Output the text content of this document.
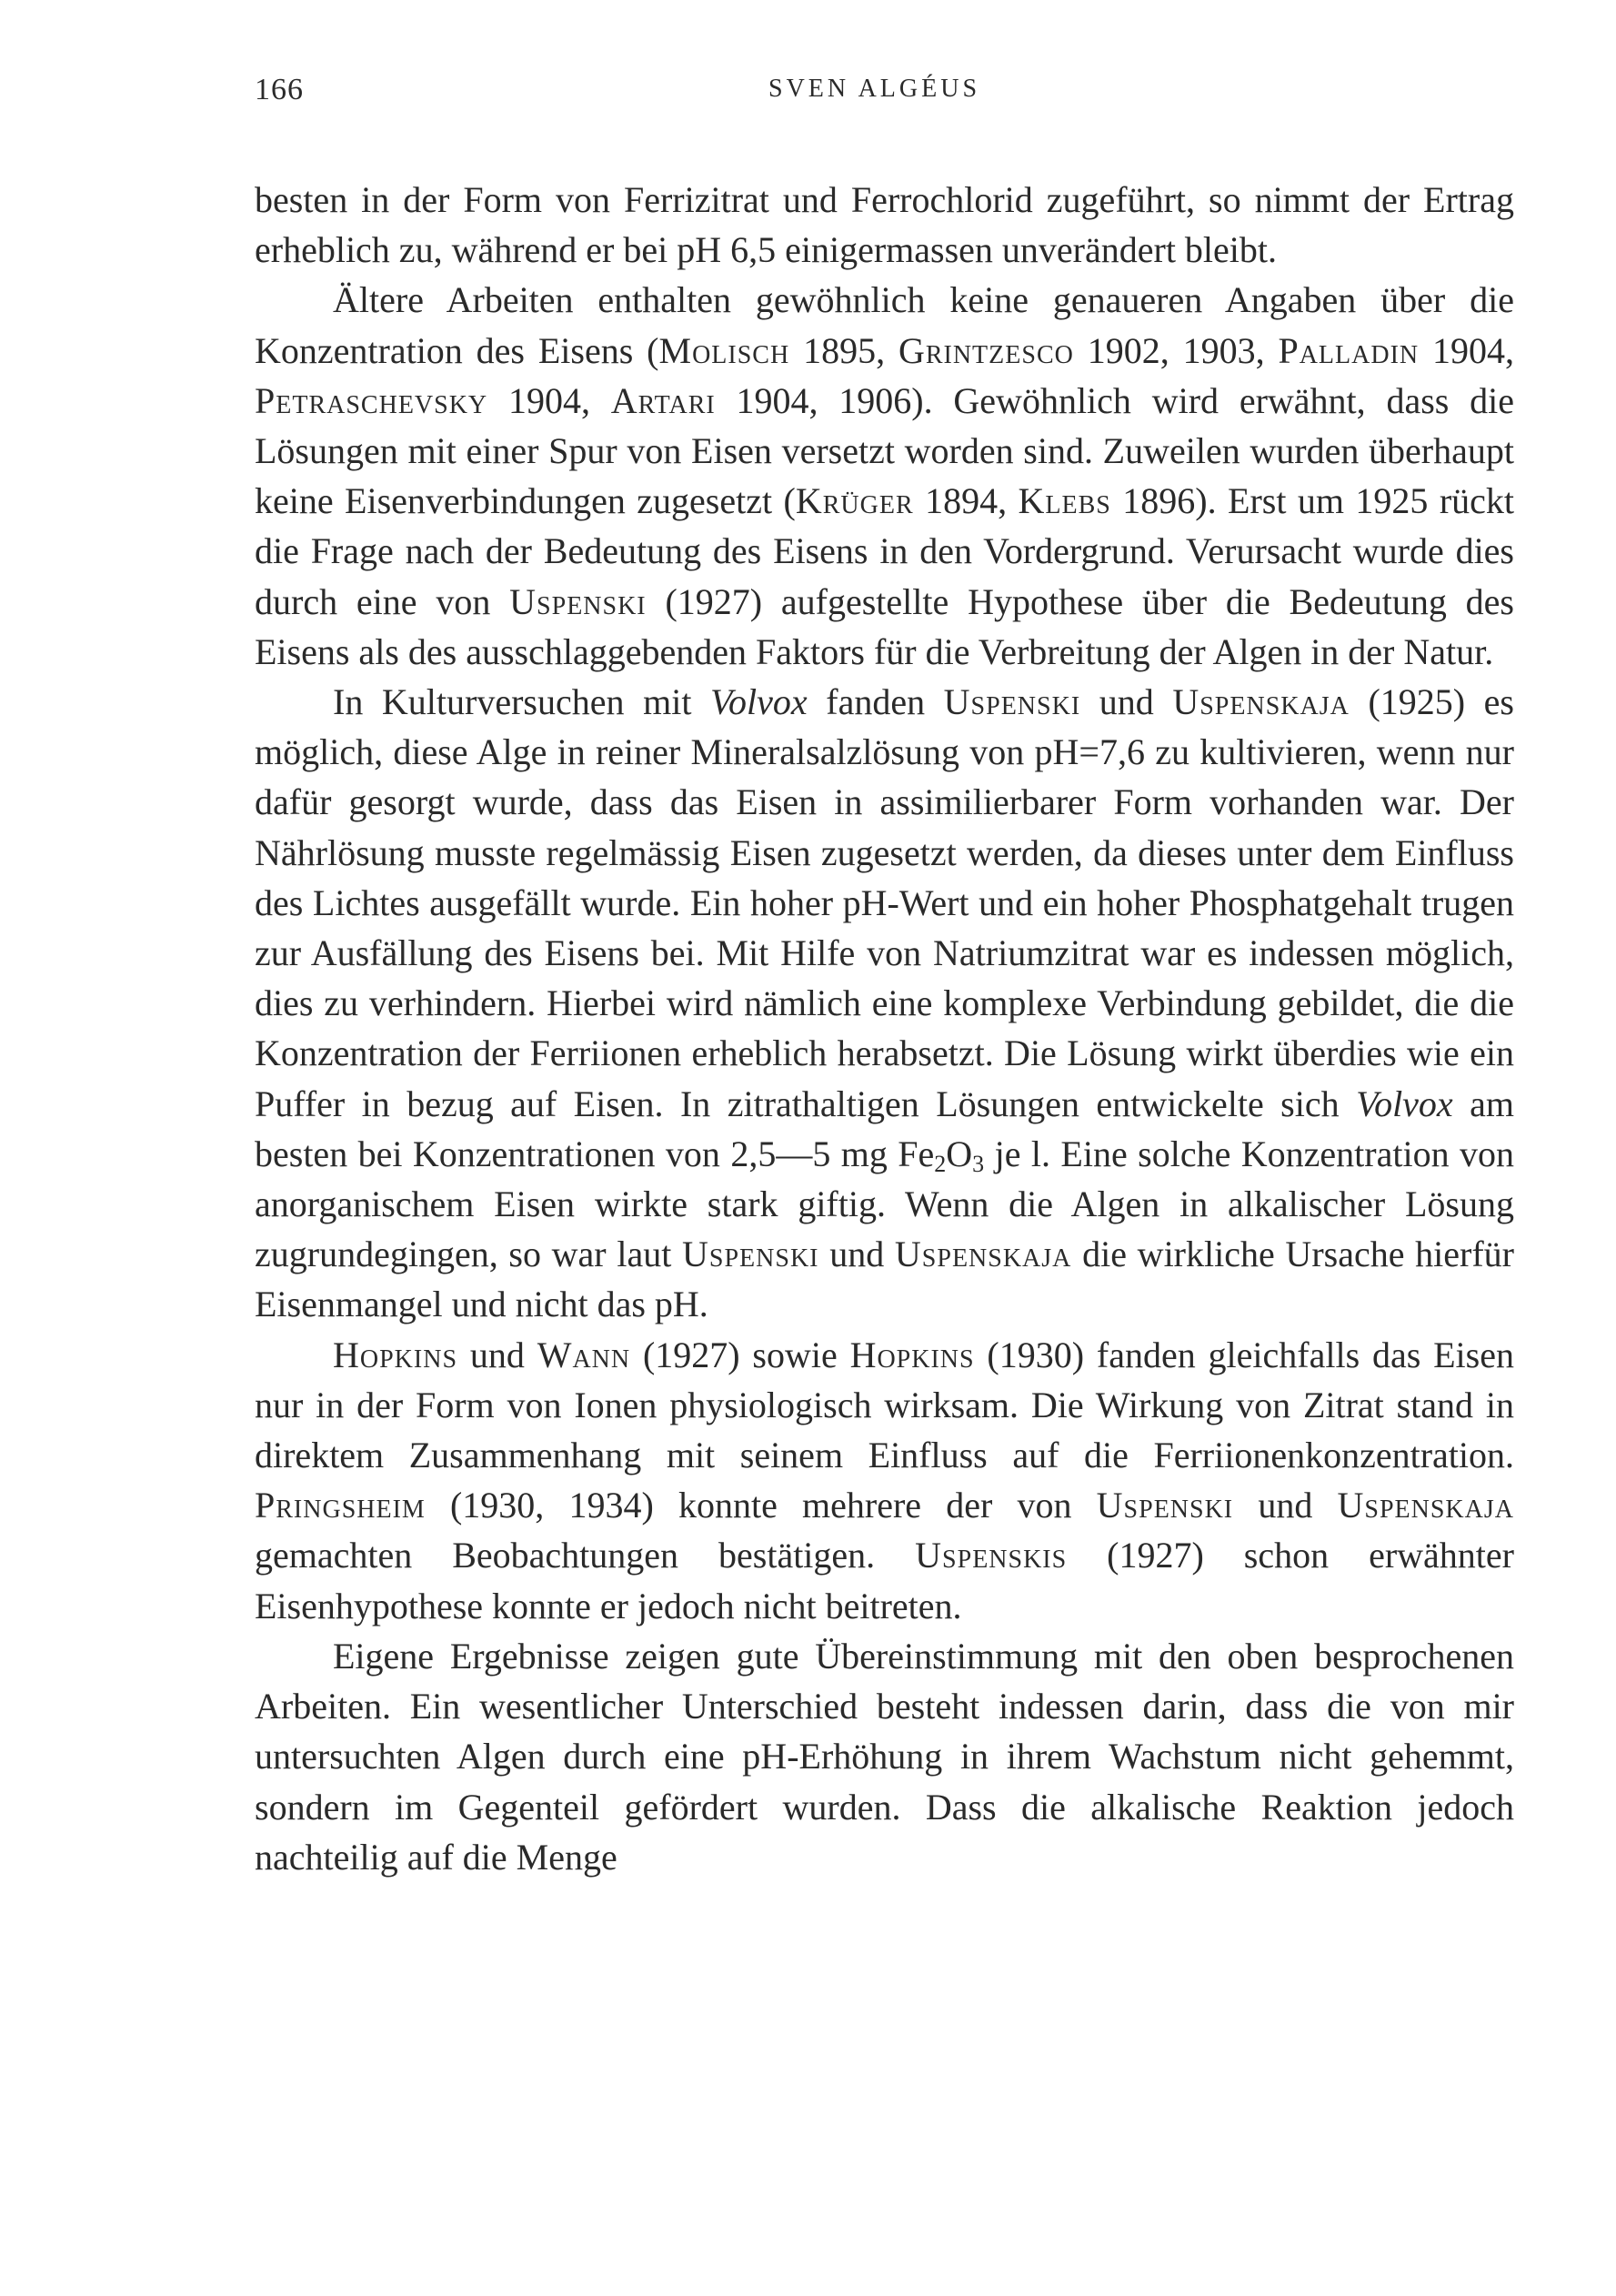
166	SVEN ALGÉUS

besten in der Form von Ferrizitrat und Ferrochlorid zugeführt, so nimmt der Ertrag erheblich zu, während er bei pH 6,5 einigermassen unverändert bleibt.

Ältere Arbeiten enthalten gewöhnlich keine genaueren Angaben über die Konzentration des Eisens (Molisch 1895, Grintzesco 1902, 1903, Palladin 1904, Petraschevsky 1904, Artari 1904, 1906). Gewöhnlich wird erwähnt, dass die Lösungen mit einer Spur von Eisen versetzt worden sind. Zuweilen wurden überhaupt keine Eisenverbindungen zugesetzt (Krüger 1894, Klebs 1896). Erst um 1925 rückt die Frage nach der Bedeutung des Eisens in den Vordergrund. Verursacht wurde dies durch eine von Uspenski (1927) aufgestellte Hypothese über die Bedeutung des Eisens als des ausschlaggebenden Faktors für die Verbreitung der Algen in der Natur.

In Kulturversuchen mit Volvox fanden Uspenski und Uspenskaja (1925) es möglich, diese Alge in reiner Mineralsalzlösung von pH=7,6 zu kultivieren, wenn nur dafür gesorgt wurde, dass das Eisen in assimilierbarer Form vorhanden war. Der Nährlösung musste regelmässig Eisen zugesetzt werden, da dieses unter dem Einfluss des Lichtes ausgefällt wurde. Ein hoher pH-Wert und ein hoher Phosphatgehalt trugen zur Ausfällung des Eisens bei. Mit Hilfe von Natriumzitrat war es indessen möglich, dies zu verhindern. Hierbei wird nämlich eine komplexe Verbindung gebildet, die die Konzentration der Ferriionen erheblich herabsetzt. Die Lösung wirkt überdies wie ein Puffer in bezug auf Eisen. In zitrathaltigen Lösungen entwickelte sich Volvox am besten bei Konzentrationen von 2,5—5 mg $Fe_2O_3$ je l. Eine solche Konzentration von anorganischem Eisen wirkte stark giftig. Wenn die Algen in alkalischer Lösung zugrundegingen, so war laut Uspenski und Uspenskaja die wirkliche Ursache hierfür Eisenmangel und nicht das pH.

Hopkins und Wann (1927) sowie Hopkins (1930) fanden gleichfalls das Eisen nur in der Form von Ionen physiologisch wirksam. Die Wirkung von Zitrat stand in direktem Zusammenhang mit seinem Einfluss auf die Ferriionenkonzentration. Pringsheim (1930, 1934) konnte mehrere der von Uspenski und Uspenskaja gemachten Beobachtungen bestätigen. Uspenskis (1927) schon erwähnter Eisenhypothese konnte er jedoch nicht beitreten.

Eigene Ergebnisse zeigen gute Übereinstimmung mit den oben besprochenen Arbeiten. Ein wesentlicher Unterschied besteht indessen darin, dass die von mir untersuchten Algen durch eine pH-Erhöhung in ihrem Wachstum nicht gehemmt, sondern im Gegenteil gefördert wurden. Dass die alkalische Reaktion jedoch nachteilig auf die Menge
